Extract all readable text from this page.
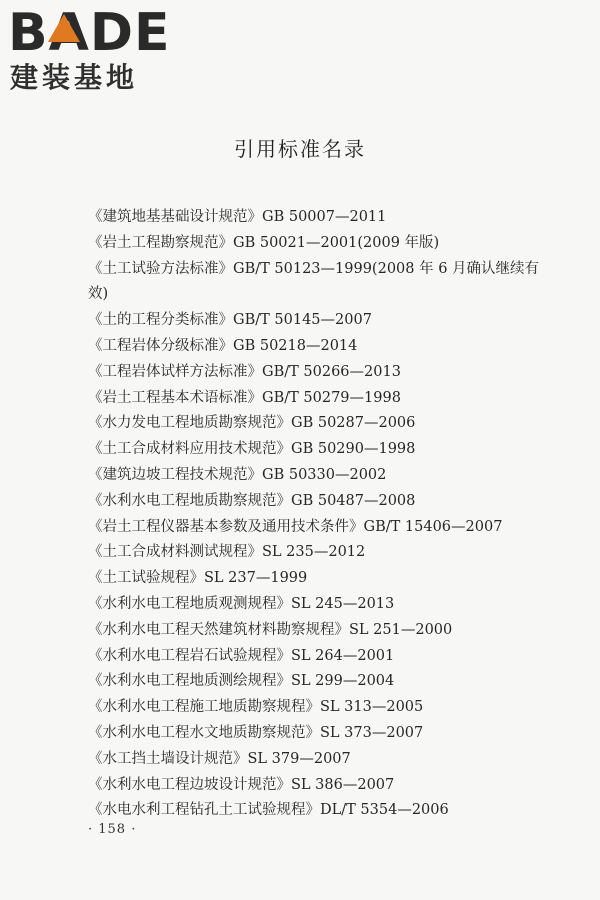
BADE
建装基地
引用标准名录
《建筑地基基础设计规范》GB 50007—2011
《岩土工程勘察规范》GB 50021—2001(2009 年版)
《土工试验方法标准》GB/T 50123—1999(2008 年 6 月确认继续有效)
《土的工程分类标准》GB/T 50145—2007
《工程岩体分级标准》GB 50218—2014
《工程岩体试样方法标准》GB/T 50266—2013
《岩土工程基本术语标准》GB/T 50279—1998
《水力发电工程地质勘察规范》GB 50287—2006
《土工合成材料应用技术规范》GB 50290—1998
《建筑边坡工程技术规范》GB 50330—2002
《水利水电工程地质勘察规范》GB 50487—2008
《岩土工程仪器基本参数及通用技术条件》GB/T 15406—2007
《土工合成材料测试规程》SL 235—2012
《土工试验规程》SL 237—1999
《水利水电工程地质观测规程》SL 245—2013
《水利水电工程天然建筑材料勘察规程》SL 251—2000
《水利水电工程岩石试验规程》SL 264—2001
《水利水电工程地质测绘规程》SL 299—2004
《水利水电工程施工地质勘察规程》SL 313—2005
《水利水电工程水文地质勘察规范》SL 373—2007
《水工挡土墙设计规范》SL 379—2007
《水利水电工程边坡设计规范》SL 386—2007
《水电水利工程钻孔土工试验规程》DL/T 5354—2006
· 158 ·
